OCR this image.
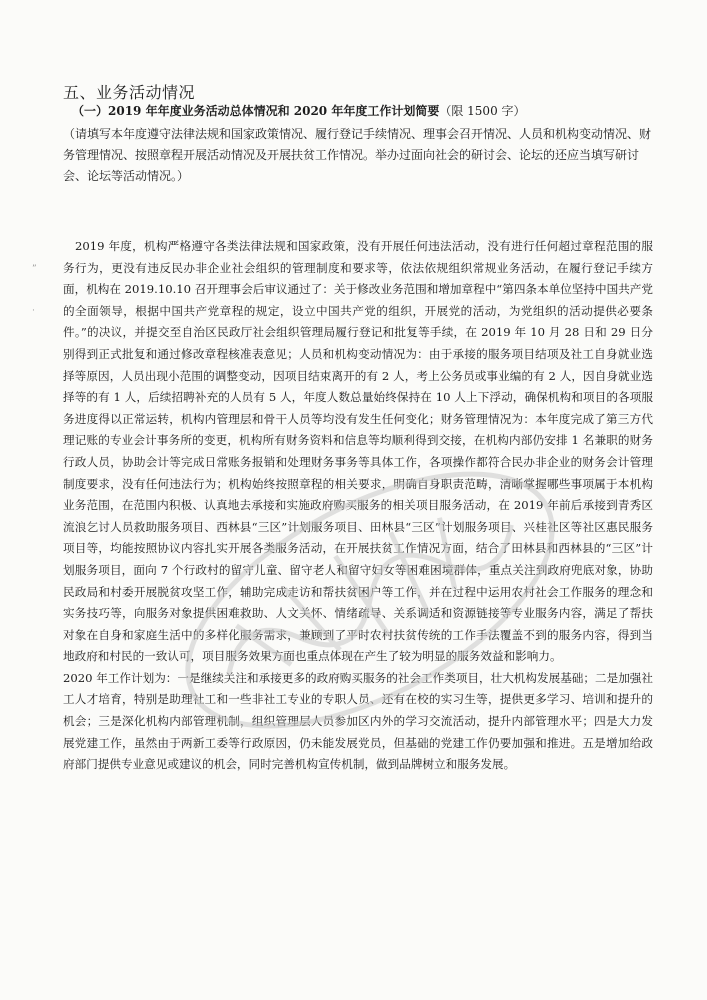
五、业务活动情况
（一）2019 年年度业务活动总体情况和 2020 年年度工作计划简要（限 1500 字）
（请填写本年度遵守法律法规和国家政策情况、履行登记手续情况、理事会召开情况、人员和机构变动情况、财务管理情况、按照章程开展活动情况及开展扶贫工作情况。举办过面向社会的研讨会、论坛的还应当填写研讨会、论坛等活动情况。）

2019 年度，机构严格遵守各类法律法规和国家政策，没有开展任何违法活动，没有进行任何超过章程范围的服务行为，更没有违反民办非企业社会组织的管理制度和要求等，依法依规组织常规业务活动，在履行登记手续方面，机构在 2019.10.10 召开理事会后审议通过了：关于修改业务范围和增加章程中“第四条本单位坚持中国共产党的全面领导，根据中国共产党章程的规定，设立中国共产党的组织，开展党的活动，为党组织的活动提供必要条件。”的决议，并提交至自治区民政厅社会组织管理局履行登记和批复等手续，在 2019 年 10 月 28 日和 29 日分别得到正式批复和通过修改章程核准表意见；人员和机构变动情况为：由于承接的服务项目结项及社工自身就业选择等原因，人员出现小范围的调整变动，因项目结束离开的有 2 人，考上公务员或事业编的有 2 人，因自身就业选择等的有 1 人，后续招聘补充的人员有 5 人，年度人数总量始终保持在 10 人上下浮动，确保机构和项目的各项服务进度得以正常运转，机构内管理层和骨干人员等均没有发生任何变化；财务管理情况为：本年度完成了第三方代理记账的专业会计事务所的变更，机构所有财务资料和信息等均顺利得到交接，在机构内部仍安排 1 名兼职的财务行政人员，协助会计等完成日常账务报销和处理财务事务等具体工作，各项操作都符合民办非企业的财务会计管理制度要求，没有任何违法行为；机构始终按照章程的相关要求，明确自身职责范畴，清晰掌握哪些事项属于本机构业务范围，在范围内积极、认真地去承接和实施政府购买服务的相关项目服务活动，在 2019 年前后承接到青秀区流浪乞讨人员救助服务项目、西林县“三区”计划服务项目、田林县“三区”计划服务项目、兴桂社区等社区惠民服务项目等，均能按照协议内容扎实开展各类服务活动，在开展扶贫工作情况方面，结合了田林县和西林县的“三区”计划服务项目，面向 7 个行政村的留守儿童、留守老人和留守妇女等困难困境群体，重点关注到政府兜底对象，协助民政局和村委开展脱贫攻坚工作，辅助完成走访和帮扶贫困户等工作，并在过程中运用农村社会工作服务的理念和实务技巧等，向服务对象提供困难救助、人文关怀、情绪疏导、关系调适和资源链接等专业服务内容，满足了帮扶对象在自身和家庭生活中的多样化服务需求，兼顾到了平时农村扶贫传统的工作手法覆盖不到的服务内容，得到当地政府和村民的一致认可，项目服务效果方面也重点体现在产生了较为明显的服务效益和影响力。

2020 年工作计划为：一是继续关注和承接更多的政府购买服务的社会工作类项目，壮大机构发展基础；二是加强社工人才培育，特别是助理社工和一些非社工专业的专职人员、还有在校的实习生等，提供更多学习、培训和提升的机会；三是深化机构内部管理机制，组织管理层人员参加区内外的学习交流活动，提升内部管理水平；四是大力发展党建工作，虽然由于两新工委等行政原因，仍未能发展党员，但基础的党建工作仍要加强和推进。五是增加给政府部门提供专业意见或建议的机会，同时完善机构宣传机制，做到品牌树立和服务发展。

”
·
